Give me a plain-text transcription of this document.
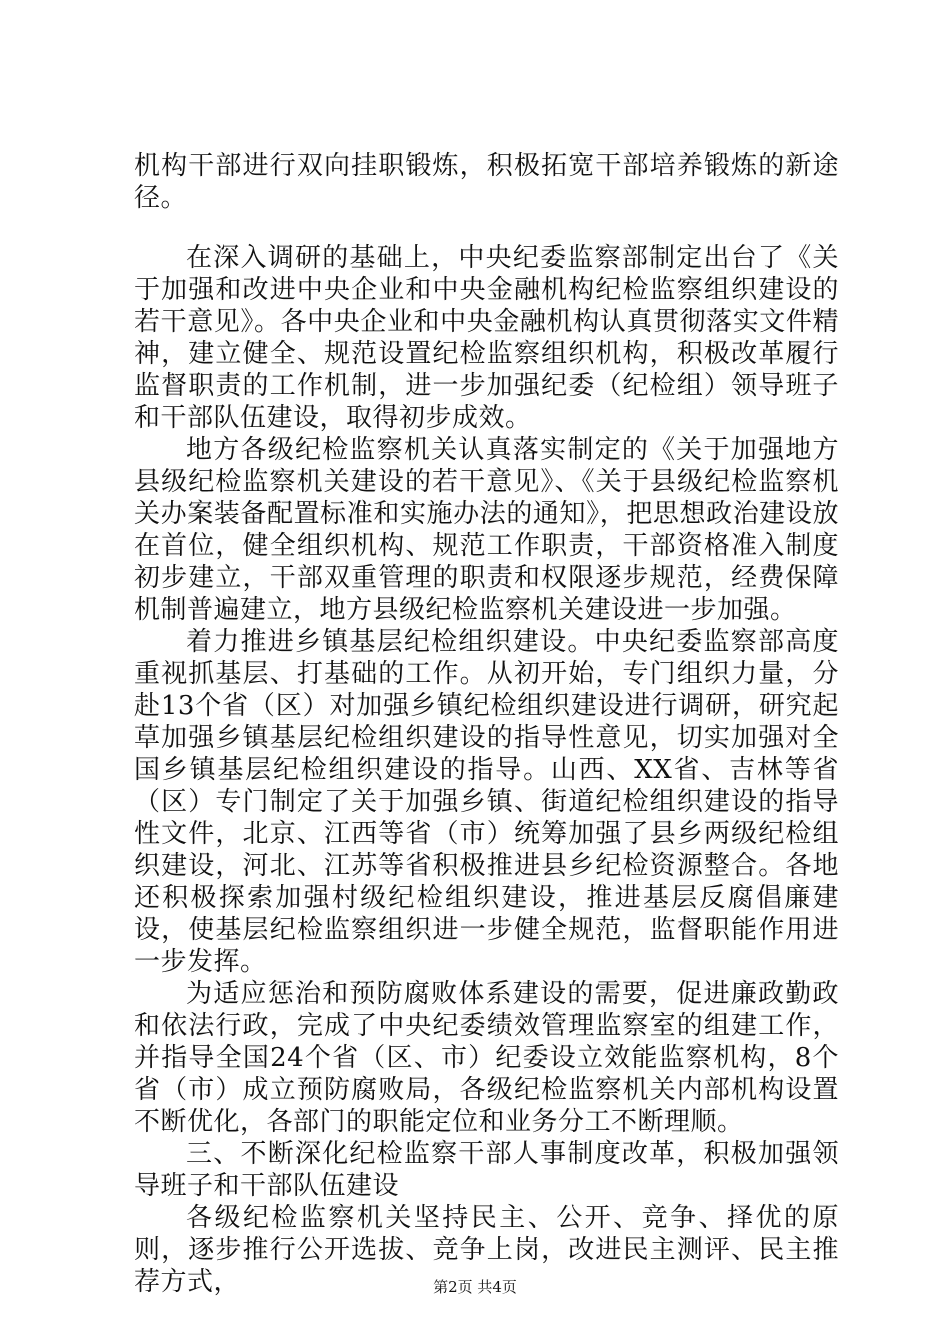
机构干部进行双向挂职锻炼，积极拓宽干部培养锻炼的新途径。

在深入调研的基础上，中央纪委监察部制定出台了《关于加强和改进中央企业和中央金融机构纪检监察组织建设的若干意见》。各中央企业和中央金融机构认真贯彻落实文件精神，建立健全、规范设置纪检监察组织机构，积极改革履行监督职责的工作机制，进一步加强纪委（纪检组）领导班子和干部队伍建设，取得初步成效。

地方各级纪检监察机关认真落实制定的《关于加强地方县级纪检监察机关建设的若干意见》、《关于县级纪检监察机关办案装备配置标准和实施办法的通知》，把思想政治建设放在首位，健全组织机构、规范工作职责，干部资格准入制度初步建立，干部双重管理的职责和权限逐步规范，经费保障机制普遍建立，地方县级纪检监察机关建设进一步加强。

着力推进乡镇基层纪检组织建设。中央纪委监察部高度重视抓基层、打基础的工作。从初开始，专门组织力量，分赴13个省（区）对加强乡镇纪检组织建设进行调研，研究起草加强乡镇基层纪检组织建设的指导性意见，切实加强对全国乡镇基层纪检组织建设的指导。山西、XX省、吉林等省（区）专门制定了关于加强乡镇、街道纪检组织建设的指导性文件，北京、江西等省（市）统筹加强了县乡两级纪检组织建设，河北、江苏等省积极推进县乡纪检资源整合。各地还积极探索加强村级纪检组织建设，推进基层反腐倡廉建设，使基层纪检监察组织进一步健全规范，监督职能作用进一步发挥。

为适应惩治和预防腐败体系建设的需要，促进廉政勤政和依法行政，完成了中央纪委绩效管理监察室的组建工作，并指导全国24个省（区、市）纪委设立效能监察机构，8个省（市）成立预防腐败局，各级纪检监察机关内部机构设置不断优化，各部门的职能定位和业务分工不断理顺。

三、不断深化纪检监察干部人事制度改革，积极加强领导班子和干部队伍建设

各级纪检监察机关坚持民主、公开、竞争、择优的原则，逐步推行公开选拔、竞争上岗，改进民主测评、民主推荐方式，	第2页 共4页
